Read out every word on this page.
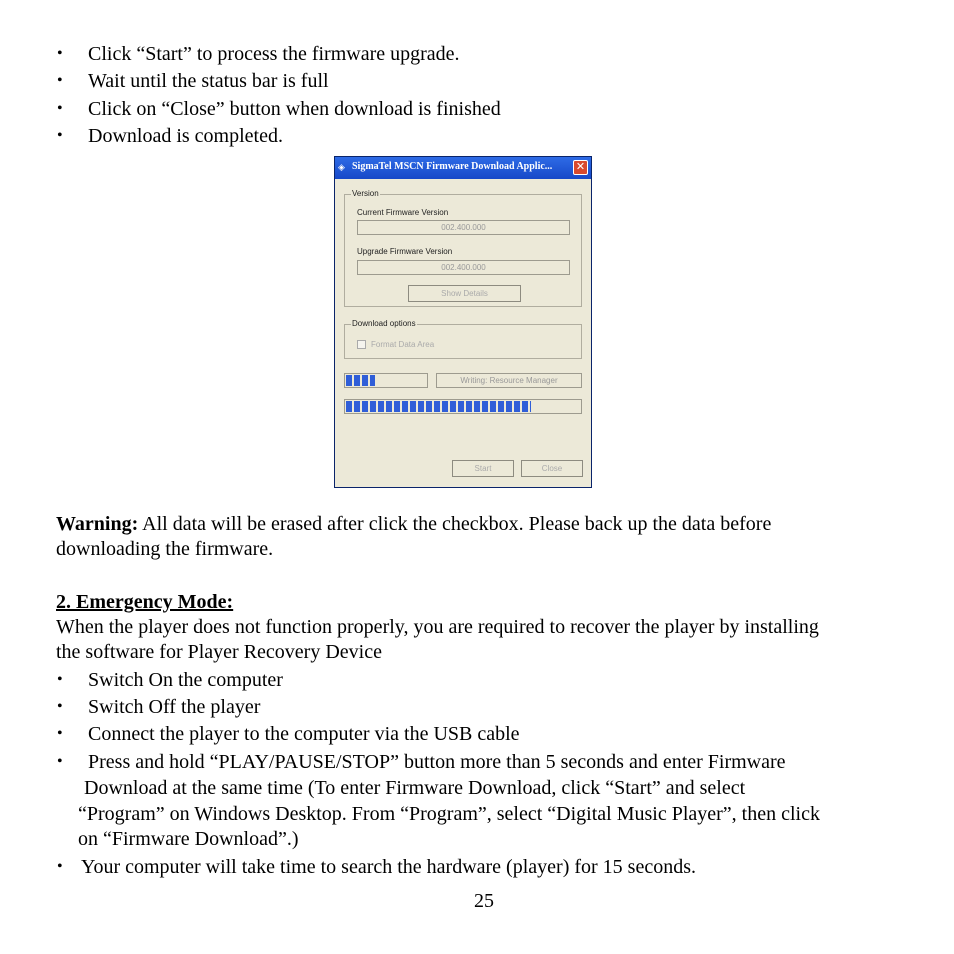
• Click “Start” to process the firmware upgrade.
• Wait until the status bar is full
• Click on “Close” button when download is finished
• Download is completed.
◈ SigmaTel MSCN Firmware Download Applic... ✕
Version
Current Firmware Version
002.400.000
Upgrade Firmware Version
002.400.000
Show Details
Download options
Format Data Area
Writing: Resource Manager
Start	Close
Warning: All data will be erased after click the checkbox. Please back up the data before
downloading the firmware.
2. Emergency Mode:
When the player does not function properly, you are required to recover the player by installing
the software for Player Recovery Device
• Switch On the computer
• Switch Off the player
• Connect the player to the computer via the USB cable
• Press and hold “PLAY/PAUSE/STOP” button more than 5 seconds and enter Firmware
Download at the same time (To enter Firmware Download, click “Start” and select
“Program” on Windows Desktop. From “Program”, select “Digital Music Player”, then click
on “Firmware Download”.)
• Your computer will take time to search the hardware (player) for 15 seconds.
25
